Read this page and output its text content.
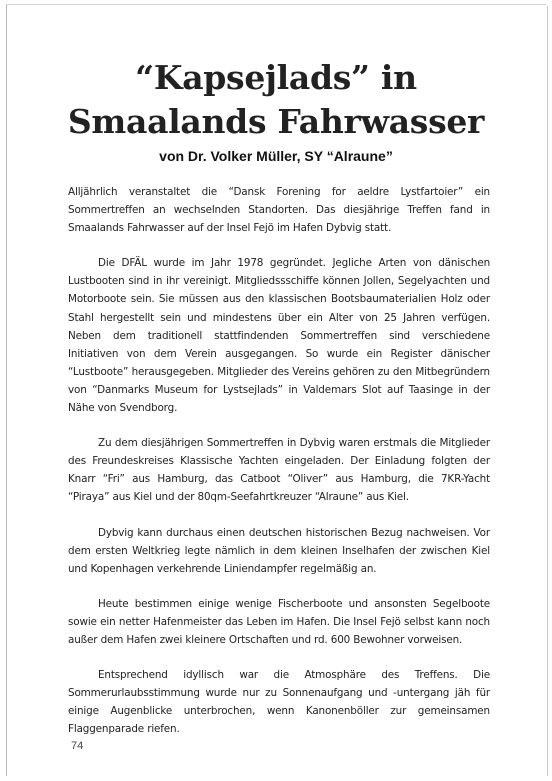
“Kapsejlads” in
Smaalands Fahrwasser
von Dr. Volker Müller, SY “Alraune”

Alljährlich veranstaltet die “Dansk Forening for aeldre Lystfartoier” ein Sommertreffen an wechselnden Standorten. Das diesjährige Treffen fand in Smaalands Fahrwasser auf der Insel Fejö im Hafen Dybvig statt.

Die DFÄL wurde im Jahr 1978 gegründet. Jegliche Arten von dänischen Lustbooten sind in ihr vereinigt. Mitgliedssschiffe können Jollen, Segelyachten und Motorboote sein. Sie müssen aus den klassischen Bootsbaumaterialien Holz oder Stahl hergestellt sein und mindestens über ein Alter von 25 Jahren verfügen. Neben dem traditionell stattfindenden Sommertreffen sind verschiedene Initiativen von dem Verein ausgegangen. So wurde ein Register dänischer “Lustboote” herausgegeben. Mitglieder des Vereins gehören zu den Mitbegründern von “Danmarks Museum for Lystsejlads” in Valdemars Slot auf Taasinge in der Nähe von Svendborg.

Zu dem diesjährigen Sommertreffen in Dybvig waren erstmals die Mitglieder des Freundeskreises Klassische Yachten eingeladen. Der Einladung folgten der Knarr “Fri” aus Hamburg, das Catboot “Oliver” aus Hamburg, die 7KR-Yacht “Piraya” aus Kiel und der 80qm-Seefahrtkreuzer “Alraune” aus Kiel.

Dybvig kann durchaus einen deutschen historischen Bezug nachweisen. Vor dem ersten Weltkrieg legte nämlich in dem kleinen Inselhafen der zwischen Kiel und Kopenhagen verkehrende Liniendampfer regelmäßig an.

Heute bestimmen einige wenige Fischerboote und ansonsten Segelboote sowie ein netter Hafenmeister das Leben im Hafen. Die Insel Fejö selbst kann noch außer dem Hafen zwei kleinere Ortschaften und rd. 600 Bewohner vorweisen.

Entsprechend idyllisch war die Atmosphäre des Treffens. Die Sommerurlaubsstimmung wurde nur zu Sonnenaufgang und -untergang jäh für einige Augenblicke unterbrochen, wenn Kanonenböller zur gemeinsamen Flaggenparade riefen.

74
